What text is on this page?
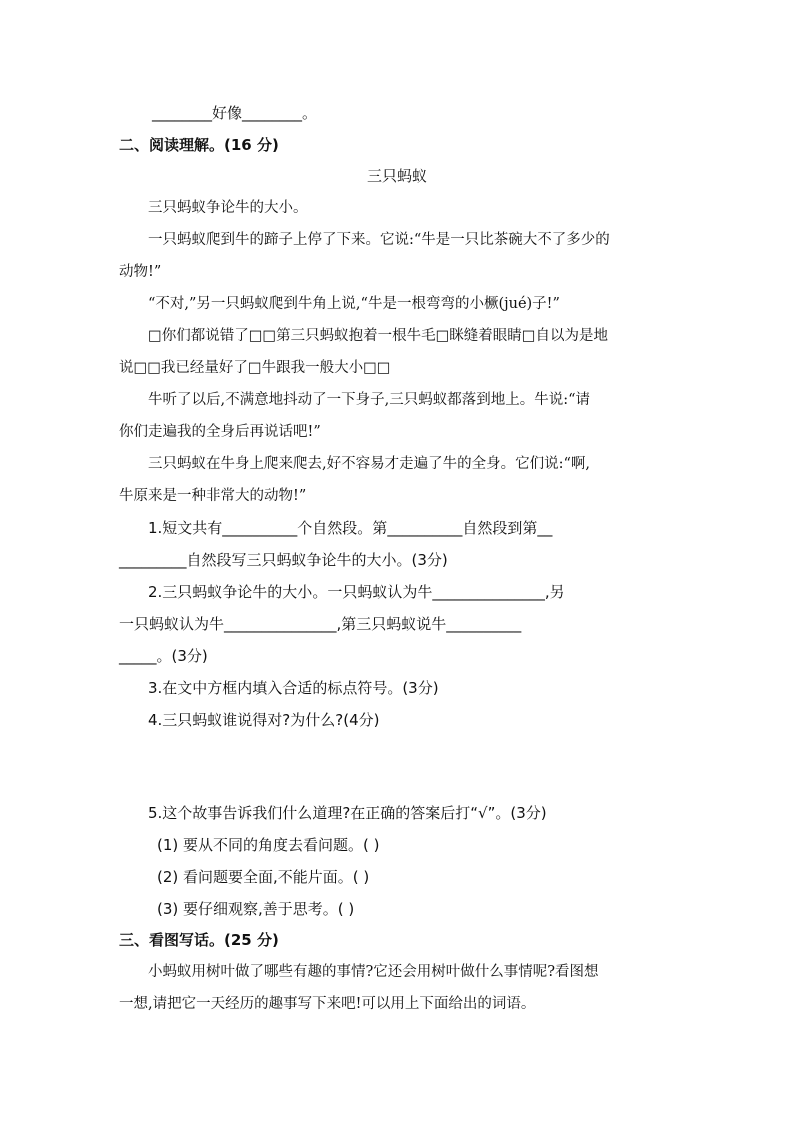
________好像________。
二、阅读理解。(16 分)
三只蚂蚁
三只蚂蚁争论牛的大小。
一只蚂蚁爬到牛的蹄子上停了下来。它说:“牛是一只比茶碗大不了多少的
动物!”
“不对,”另一只蚂蚁爬到牛角上说,“牛是一根弯弯的小橛(jué)子!”
□你们都说错了□□第三只蚂蚁抱着一根牛毛□眯缝着眼睛□自以为是地
说□□我已经量好了□牛跟我一般大小□□
牛听了以后,不满意地抖动了一下身子,三只蚂蚁都落到地上。牛说:“请
你们走遍我的全身后再说话吧!”
三只蚂蚁在牛身上爬来爬去,好不容易才走遍了牛的全身。它们说:“啊,
牛原来是一种非常大的动物!”
1.短文共有__________个自然段。第__________自然段到第__
_________自然段写三只蚂蚁争论牛的大小。(3分)
2.三只蚂蚁争论牛的大小。一只蚂蚁认为牛_______________,另
一只蚂蚁认为牛_______________,第三只蚂蚁说牛__________
_____。(3分)
3.在文中方框内填入合适的标点符号。(3分)
4.三只蚂蚁谁说得对?为什么?(4分)
5.这个故事告诉我们什么道理?在正确的答案后打“√”。(3分)
(1) 要从不同的角度去看问题。( )
(2) 看问题要全面,不能片面。( )
(3) 要仔细观察,善于思考。( )
三、看图写话。(25 分)
小蚂蚁用树叶做了哪些有趣的事情?它还会用树叶做什么事情呢?看图想
一想,请把它一天经历的趣事写下来吧!可以用上下面给出的词语。
